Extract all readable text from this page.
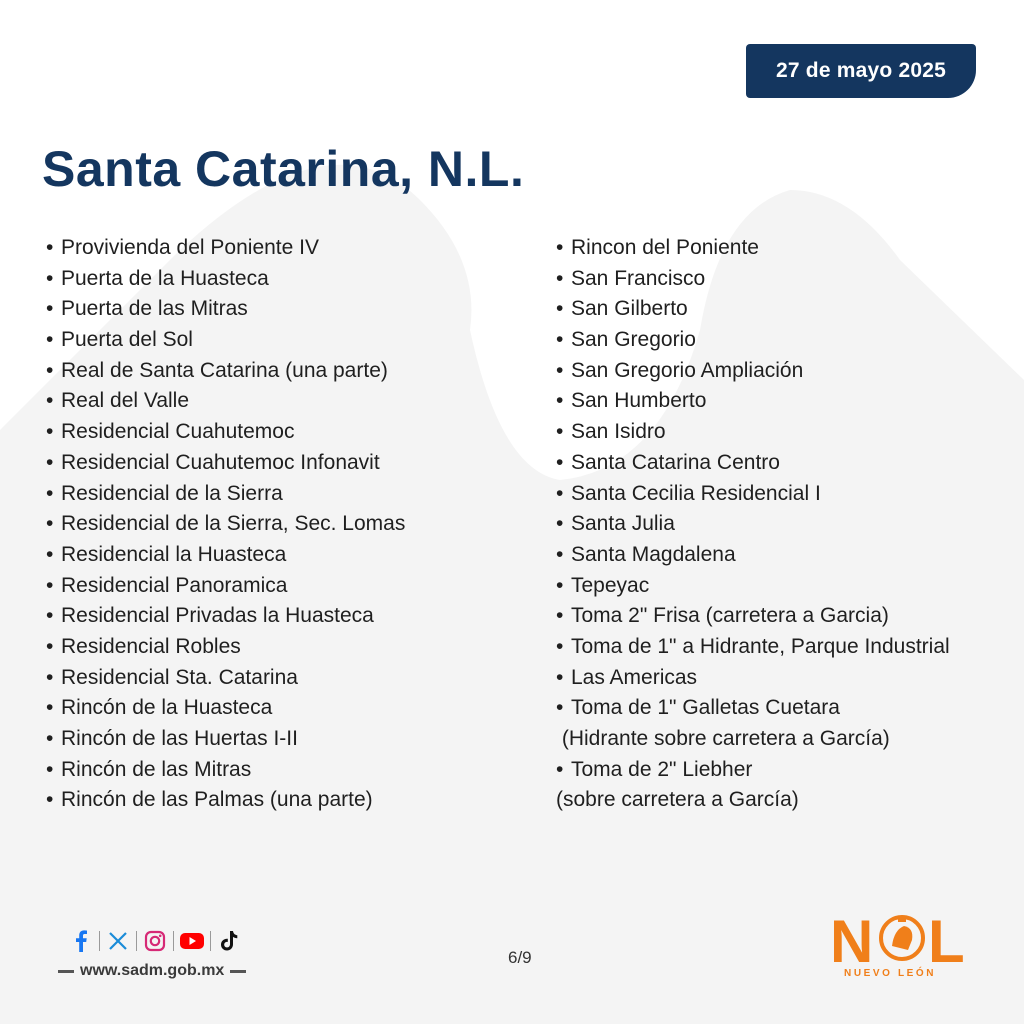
27 de mayo 2025
Santa Catarina, N.L.
• Provivienda del Poniente IV
• Puerta de la Huasteca
• Puerta de las Mitras
• Puerta del Sol
• Real de Santa Catarina (una parte)
• Real del Valle
• Residencial Cuahutemoc
• Residencial Cuahutemoc Infonavit
• Residencial de la Sierra
• Residencial de la Sierra, Sec. Lomas
• Residencial la Huasteca
• Residencial Panoramica
• Residencial Privadas la Huasteca
• Residencial Robles
• Residencial Sta. Catarina
• Rincón de la Huasteca
• Rincón de las Huertas I-II
• Rincón de las Mitras
• Rincón de las Palmas (una parte)
• Rincon del Poniente
• San Francisco
• San Gilberto
• San Gregorio
• San Gregorio Ampliación
• San Humberto
• San Isidro
• Santa Catarina Centro
• Santa Cecilia Residencial I
• Santa Julia
• Santa Magdalena
• Tepeyac
• Toma 2" Frisa (carretera a Garcia)
• Toma de 1" a Hidrante, Parque Industrial
• Las Americas
• Toma de 1" Galletas Cuetara
(Hidrante sobre carretera a García)
• Toma de 2" Liebher
(sobre carretera a García)
www.sadm.gob.mx
6/9	N L
NUEVO LEÓN
